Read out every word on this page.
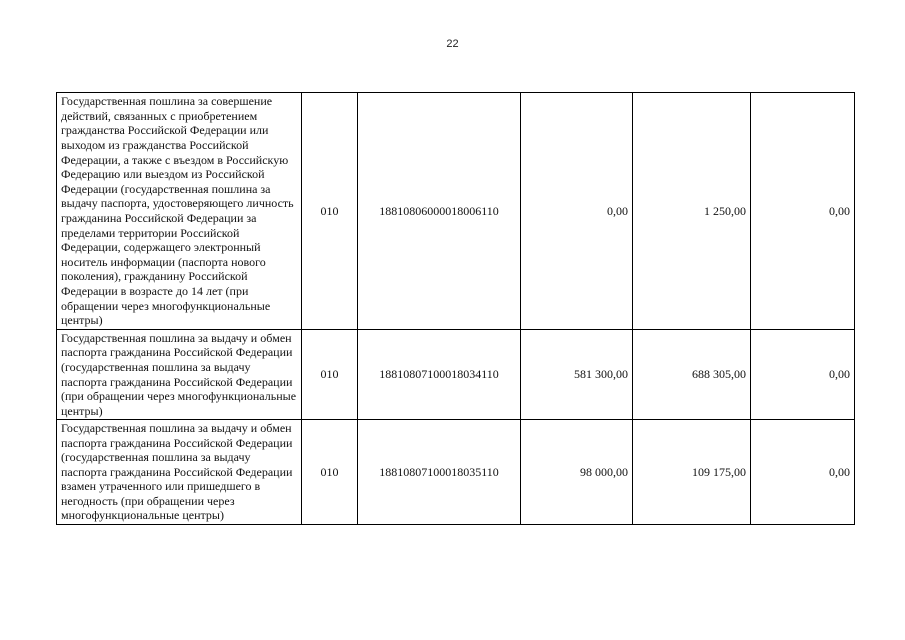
22
Государственная пошлина за совершение действий, связанных с приобретением гражданства Российской Федерации или выходом из гражданства Российской Федерации, а также с въездом в Российскую Федерацию или выездом из Российской Федерации (государственная пошлина за выдачу паспорта, удостоверяющего личность гражданина Российской Федерации за пределами территории Российской Федерации, содержащего электронный носитель информации (паспорта нового поколения), гражданину Российской Федерации в возрасте до 14 лет (при обращении через многофункциональные центры)	010	18810806000018006110	0,00	1 250,00	0,00
Государственная пошлина за выдачу и обмен паспорта гражданина Российской Федерации (государственная пошлина за выдачу паспорта гражданина Российской Федерации (при обращении через многофункциональные центры)	010	18810807100018034110	581 300,00	688 305,00	0,00
Государственная пошлина за выдачу и обмен паспорта гражданина Российской Федерации (государственная пошлина за выдачу паспорта гражданина Российской Федерации взамен утраченного или пришедшего в негодность (при обращении через многофункциональные центры)	010	18810807100018035110	98 000,00	109 175,00	0,00
